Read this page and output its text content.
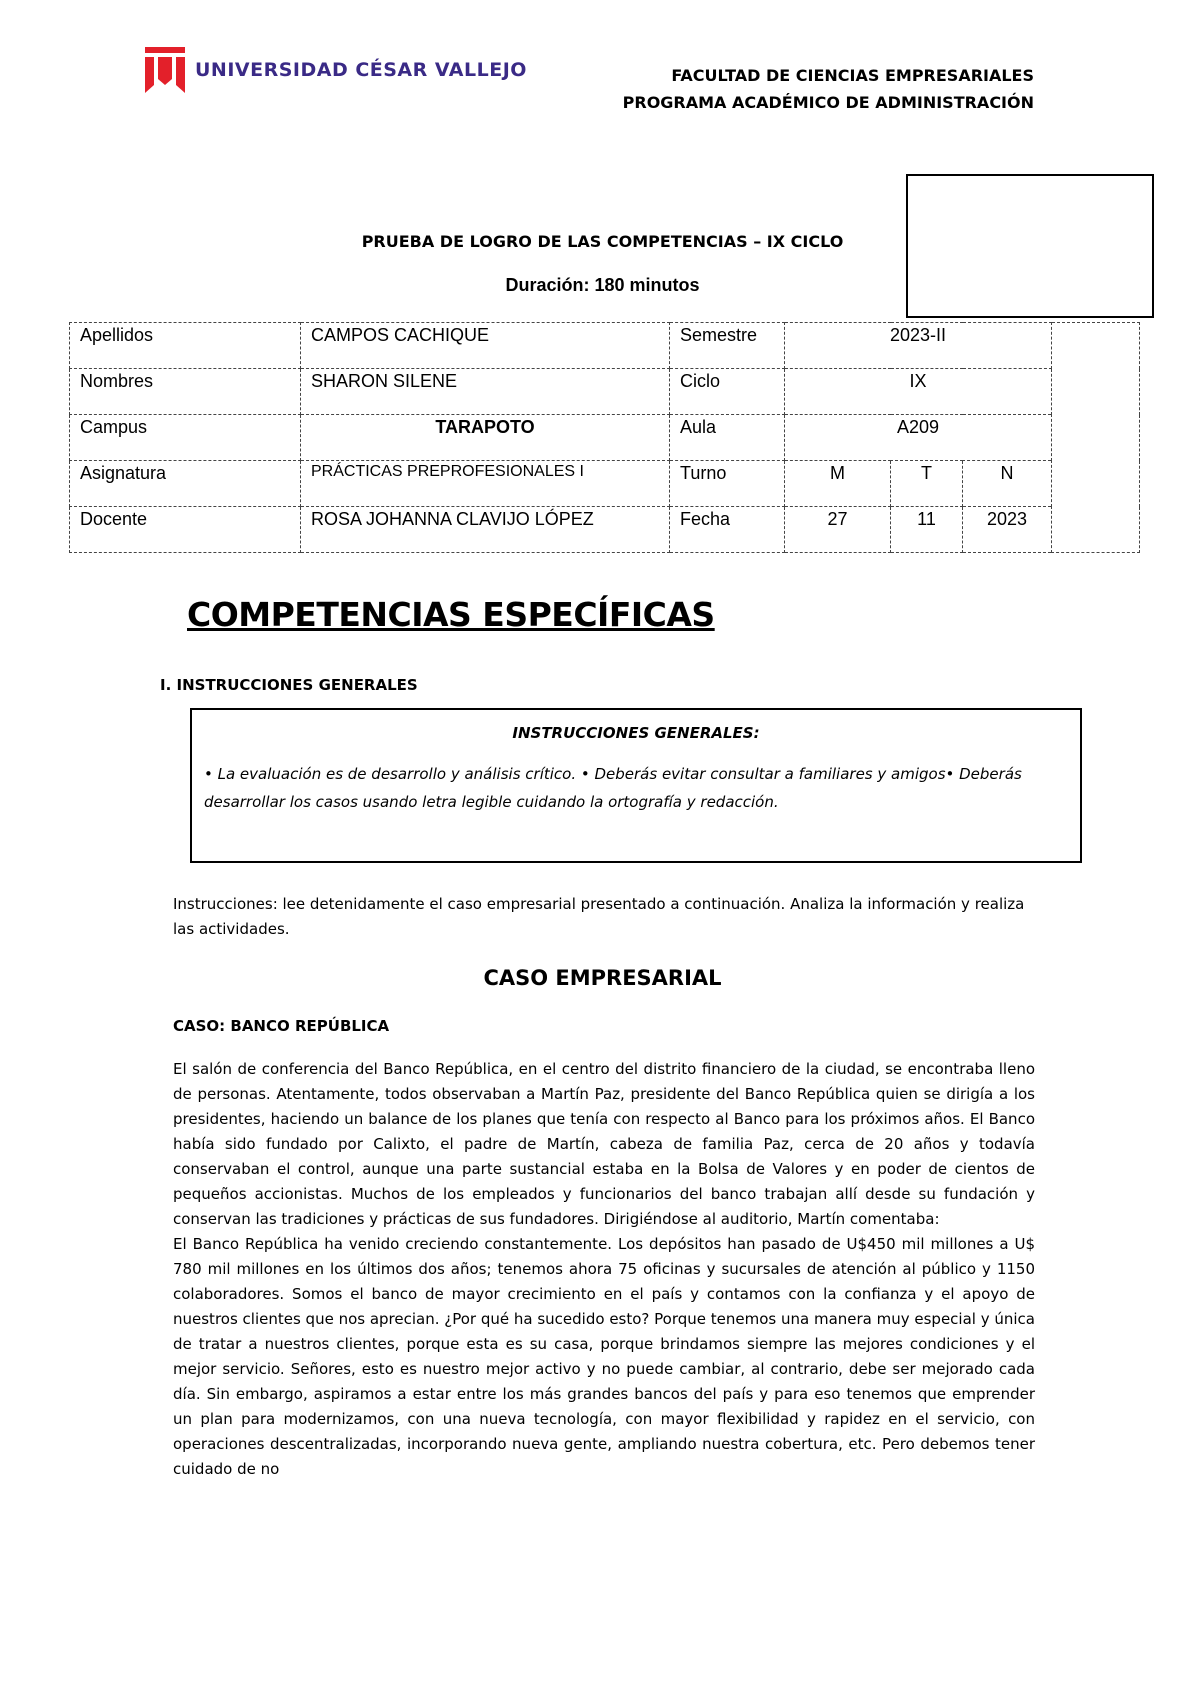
UNIVERSIDAD CÉSAR VALLEJO	FACULTAD DE CIENCIAS EMPRESARIALES
PROGRAMA ACADÉMICO DE ADMINISTRACIÓN
PRUEBA DE LOGRO DE LAS COMPETENCIAS – IX CICLO
Duración: 180 minutos
Apellidos	CAMPOS CACHIQUE	Semestre	2023-II			
Nombres	SHARON SILENE	Ciclo	IX			
Campus	TARAPOTO	Aula	A209			
Asignatura	PRÁCTICAS PREPROFESIONALES I	Turno	M	T	N	
Docente	ROSA JOHANNA CLAVIJO LÓPEZ	Fecha	27	11	2023	
COMPETENCIAS ESPECÍFICAS
I. INSTRUCCIONES GENERALES
INSTRUCCIONES GENERALES:
• La evaluación es de desarrollo y análisis crítico. • Deberás evitar consultar a familiares y amigos• Deberás desarrollar los casos usando letra legible cuidando la ortografía y redacción.
Instrucciones: lee detenidamente el caso empresarial presentado a continuación. Analiza la información y realiza las actividades.
CASO EMPRESARIAL
CASO: BANCO REPÚBLICA

El salón de conferencia del Banco República, en el centro del distrito financiero de la ciudad, se encontraba lleno de personas. Atentamente, todos observaban a Martín Paz, presidente del Banco República quien se dirigía a los presidentes, haciendo un balance de los planes que tenía con respecto al Banco para los próximos años. El Banco había sido fundado por Calixto, el padre de Martín, cabeza de familia Paz, cerca de 20 años y todavía conservaban el control, aunque una parte sustancial estaba en la Bolsa de Valores y en poder de cientos de pequeños accionistas. Muchos de los empleados y funcionarios del banco trabajan allí desde su fundación y conservan las tradiciones y prácticas de sus fundadores. Dirigiéndose al auditorio, Martín comentaba:

El Banco República ha venido creciendo constantemente. Los depósitos han pasado de U$450 mil millones a U$ 780 mil millones en los últimos dos años; tenemos ahora 75 oficinas y sucursales de atención al público y 1150 colaboradores. Somos el banco de mayor crecimiento en el país y contamos con la confianza y el apoyo de nuestros clientes que nos aprecian. ¿Por qué ha sucedido esto? Porque tenemos una manera muy especial y única de tratar a nuestros clientes, porque esta es su casa, porque brindamos siempre las mejores condiciones y el mejor servicio. Señores, esto es nuestro mejor activo y no puede cambiar, al contrario, debe ser mejorado cada día. Sin embargo, aspiramos a estar entre los más grandes bancos del país y para eso tenemos que emprender un plan para modernizamos, con una nueva tecnología, con mayor flexibilidad y rapidez en el servicio, con operaciones descentralizadas, incorporando nueva gente, ampliando nuestra cobertura, etc. Pero debemos tener cuidado de no
